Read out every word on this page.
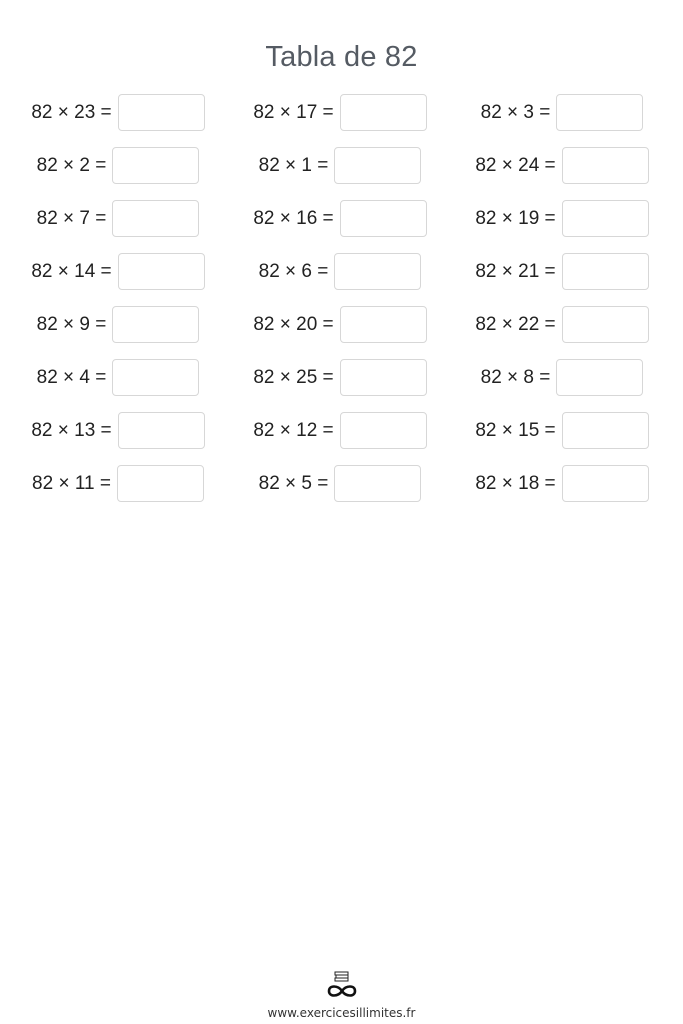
Tabla de 82
82 × 23 =	82 × 17 =	82 × 3 =
82 × 2 =	82 × 1 =	82 × 24 =
82 × 7 =	82 × 16 =	82 × 19 =
82 × 14 =	82 × 6 =	82 × 21 =
82 × 9 =	82 × 20 =	82 × 22 =
82 × 4 =	82 × 25 =	82 × 8 =
82 × 13 =	82 × 12 =	82 × 15 =
82 × 11 =	82 × 5 =	82 × 18 =
www.exercicesillimites.fr
